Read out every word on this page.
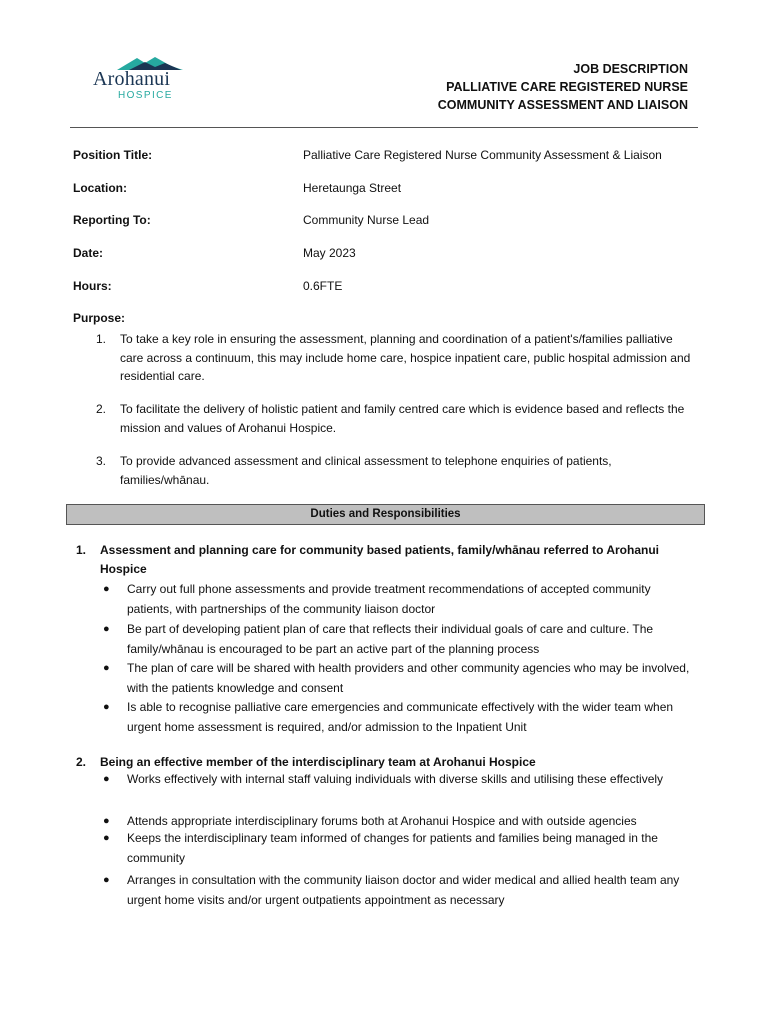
Arohanui
HOSPICE
JOB DESCRIPTION
PALLIATIVE CARE REGISTERED NURSE
COMMUNITY ASSESSMENT AND LIAISON
Position Title:	Palliative Care Registered Nurse Community Assessment & Liaison
Location:	Heretaunga Street
Reporting To:	Community Nurse Lead
Date:	May 2023
Hours:	0.6FTE
Purpose:
1. To take a key role in ensuring the assessment, planning and coordination of a patient's/families palliative care across a continuum, this may include home care, hospice inpatient care, public hospital admission and residential care.
2. To facilitate the delivery of holistic patient and family centred care which is evidence based and reflects the mission and values of Arohanui Hospice.
3. To provide advanced assessment and clinical assessment to telephone enquiries of patients, families/whānau.
Duties and Responsibilities
1. Assessment and planning care for community based patients, family/whānau referred to Arohanui Hospice
● Carry out full phone assessments and provide treatment recommendations of accepted community patients, with partnerships of the community liaison doctor
● Be part of developing patient plan of care that reflects their individual goals of care and culture. The family/whānau is encouraged to be part an active part of the planning process
● The plan of care will be shared with health providers and other community agencies who may be involved, with the patients knowledge and consent
● Is able to recognise palliative care emergencies and communicate effectively with the wider team when urgent home assessment is required, and/or admission to the Inpatient Unit
2. Being an effective member of the interdisciplinary team at Arohanui Hospice
● Works effectively with internal staff valuing individuals with diverse skills and utilising these effectively
● Attends appropriate interdisciplinary forums both at Arohanui Hospice and with outside agencies
● Keeps the interdisciplinary team informed of changes for patients and families being managed in the community
● Arranges in consultation with the community liaison doctor and wider medical and allied health team any urgent home visits and/or urgent outpatients appointment as necessary
